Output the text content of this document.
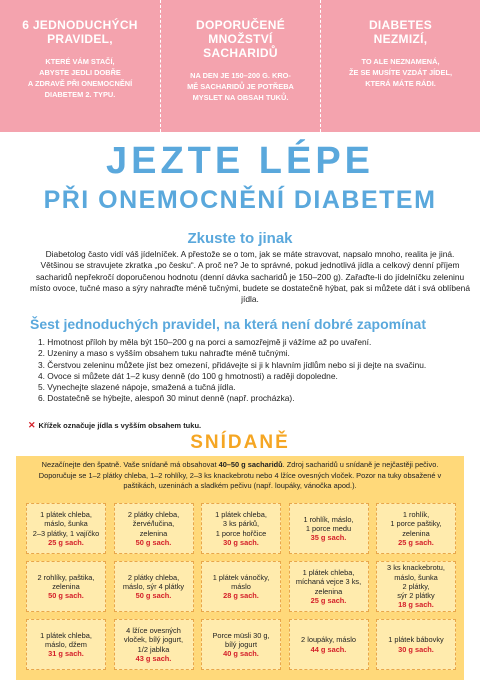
6 JEDNODUCHÝCH
PRAVIDEL,
KTERÉ VÁM STAČÍ,
ABYSTE JEDLI DOBŘE
A ZDRAVĚ PŘI ONEMOCNĚNÍ
DIABETEM 2. TYPU.
DOPORUČENÉ
MNOŽSTVÍ
SACHARIDŮ
NA DEN JE 150–200 G. KRO-
MĚ SACHARIDŮ JE POTŘEBA
MYSLET NA OBSAH TUKŮ.
DIABETES
NEZMIZÍ,
TO ALE NEZNAMENÁ,
ŽE SE MUSÍTE VZDÁT JÍDEL,
KTERÁ MÁTE RÁDI.
JEZTE LÉPE
PŘI ONEMOCNĚNÍ DIABETEM
Zkuste to jinak

Diabetolog často vidí váš jídelníček. A přestože se o tom, jak se máte stravovat, napsalo mnoho, realita je jiná. Většinou se stravujete zkratka „po česku“. A proč ne? Je to správné, pokud jednotlivá jídla a celkový denní příjem sacharidů nepřekročí doporučenou hodnotu (denní dávka sacharidů je 150–200 g). Zařaďte-li do jídelníčku zeleninu místo ovoce, tučné maso a sýry nahraďte méně tučnými, budete se dostatečně hýbat, pak si můžete dát i svá oblíbená jídla.

Šest jednoduchých pravidel, na která není dobré zapomínat
1. Hmotnost příloh by měla být 150–200 g na porci a samozřejmě ji vážíme až po uvaření.
2. Uzeniny a maso s vyšším obsahem tuku nahraďte méně tučnými.
3. Čerstvou zeleninu můžete jíst bez omezení, přidávejte si ji k hlavním jídlům nebo si ji dejte na svačinu.
4. Ovoce si můžete dát 1–2 kusy denně (do 100 g hmotnosti) a raději dopoledne.
5. Vynechejte slazené nápoje, smažená a tučná jídla.
6. Dostatečně se hýbejte, alespoň 30 minut denně (např. procházka).
✕ Křížek označuje jídla s vyšším obsahem tuku.
SNÍDANĚ

Nezačínejte den špatně. Vaše snídaně má obsahovat 40–50 g sacharidů. Zdroj sacharidů u snídaně je nejčastěji pečivo. Doporučuje se 1–2 plátky chleba, 1–2 rohlíky, 2–3 ks knackebrotu nebo 4 lžíce ovesných vloček. Pozor na tuky obsažené v paštikách, uzeninách a sladkém pečivu (např. loupáky, vánočka apod.).

1 plátek chleba,
máslo, šunka
2–3 plátky, 1 vajíčko
25 g sach.
2 plátky chleba,
žervé/lučina,
zelenina
50 g sach.
1 plátek chleba,
3 ks párků,
1 porce hořčice
30 g sach.
1 rohlík, máslo,
1 porce medu
35 g sach.
1 rohlík,
1 porce paštiky,
zelenina
25 g sach.
2 rohlíky, paštika,
zelenina
50 g sach.
2 plátky chleba,
máslo, sýr 4 plátky
50 g sach.
1 plátek vánočky,
máslo
28 g sach.
1 plátek chleba,
míchaná vejce 3 ks,
zelenina
25 g sach.
3 ks knackebrotu,
máslo, šunka
2 plátky,
sýr 2 plátky
18 g sach.
1 plátek chleba,
máslo, džem
31 g sach.
4 lžíce ovesných
vloček, bílý jogurt,
1/2 jablka
43 g sach.
Porce müsli 30 g,
bílý jogurt
40 g sach.
2 loupáky, máslo
44 g sach.
1 plátek bábovky
30 g sach.
